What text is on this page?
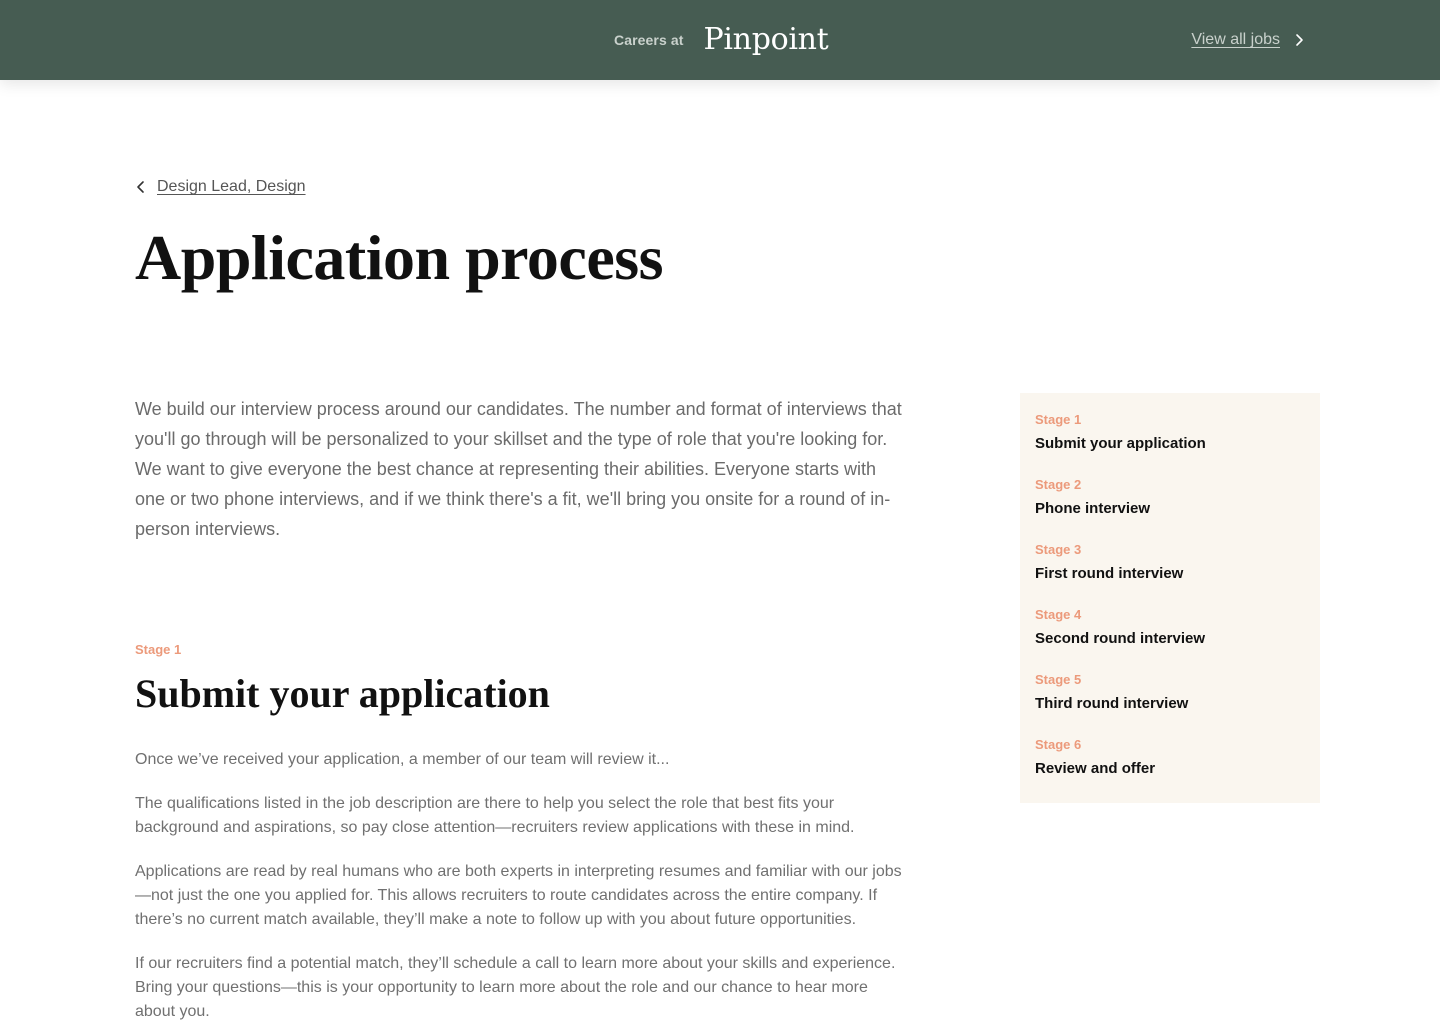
Careers at Pinpoint	View all jobs
Design Lead, Design
Application process

We build our interview process around our candidates. The number and format of interviews that you'll go through will be personalized to your skillset and the type of role that you're looking for. We want to give everyone the best chance at representing their abilities. Everyone starts with one or two phone interviews, and if we think there's a fit, we'll bring you onsite for a round of in-person interviews.

Stage 1
Submit your application

Once we’ve received your application, a member of our team will review it...

The qualifications listed in the job description are there to help you select the role that best fits your background and aspirations, so pay close attention—recruiters review applications with these in mind.

Applications are read by real humans who are both experts in interpreting resumes and familiar with our jobs—not just the one you applied for. This allows recruiters to route candidates across the entire company. If there’s no current match available, they’ll make a note to follow up with you about future opportunities.

If our recruiters find a potential match, they’ll schedule a call to learn more about your skills and experience. Bring your questions—this is your opportunity to learn more about the role and our chance to hear more about you.

Stage 1
Submit your application
Stage 2
Phone interview
Stage 3
First round interview
Stage 4
Second round interview
Stage 5
Third round interview
Stage 6
Review and offer
